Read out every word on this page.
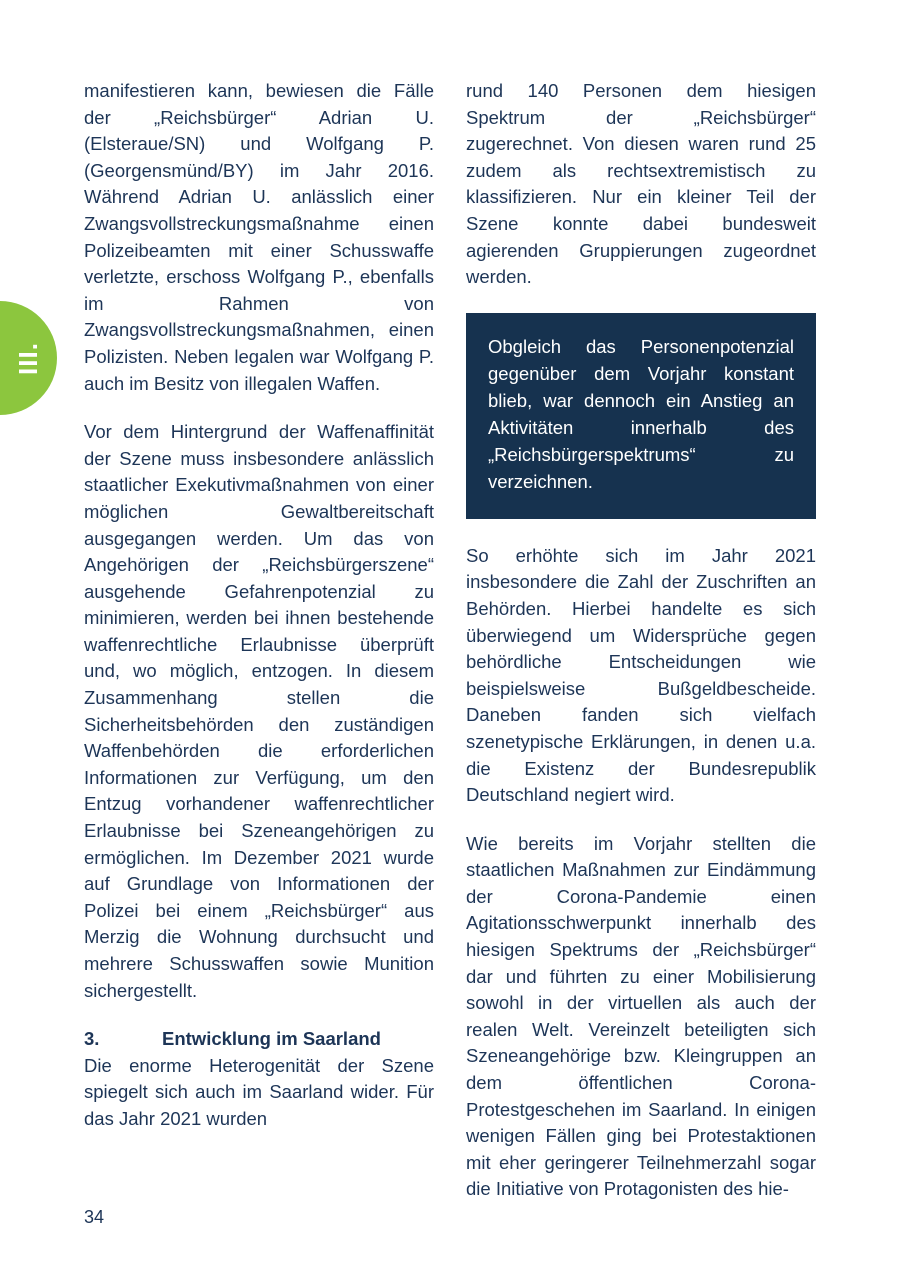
III.

manifestieren kann, bewiesen die Fälle der „Reichsbürger“ Adrian U. (Elsteraue/SN) und Wolfgang P. (Georgensmünd/BY) im Jahr 2016. Während Adrian U. anlässlich einer Zwangsvollstreckungsmaßnahme einen Polizeibeamten mit einer Schusswaffe verletzte, erschoss Wolfgang P., ebenfalls im Rahmen von Zwangsvollstreckungsmaßnahmen, einen Polizisten. Neben legalen war Wolfgang P. auch im Besitz von illegalen Waffen.

Vor dem Hintergrund der Waffenaffinität der Szene muss insbesondere anlässlich staatlicher Exekutivmaßnahmen von einer möglichen Gewaltbereitschaft ausgegangen werden. Um das von Angehörigen der „Reichsbürgerszene“ ausgehende Gefahrenpotenzial zu minimieren, werden bei ihnen bestehende waffenrechtliche Erlaubnisse überprüft und, wo möglich, entzogen. In diesem Zusammenhang stellen die Sicherheitsbehörden den zuständigen Waffenbehörden die erforderlichen Informationen zur Verfügung, um den Entzug vorhandener waffenrechtlicher Erlaubnisse bei Szeneangehörigen zu ermöglichen. Im Dezember 2021 wurde auf Grundlage von Informationen der Polizei bei einem „Reichsbürger“ aus Merzig die Wohnung durchsucht und mehrere Schusswaffen sowie Munition sichergestellt.

3.	Entwicklung im Saarland

Die enorme Heterogenität der Szene spiegelt sich auch im Saarland wider. Für das Jahr 2021 wurden

rund 140 Personen dem hiesigen Spektrum der „Reichsbürger“ zugerechnet. Von diesen waren rund 25 zudem als rechtsextremistisch zu klassifizieren. Nur ein kleiner Teil der Szene konnte dabei bundesweit agierenden Gruppierungen zugeordnet werden.

Obgleich das Personenpotenzial gegenüber dem Vorjahr konstant blieb, war dennoch ein Anstieg an Aktivitäten innerhalb des „Reichsbürgerspektrums“ zu verzeichnen.

So erhöhte sich im Jahr 2021 insbesondere die Zahl der Zuschriften an Behörden. Hierbei handelte es sich überwiegend um Widersprüche gegen behördliche Entscheidungen wie beispielsweise Bußgeldbescheide. Daneben fanden sich vielfach szenetypische Erklärungen, in denen u.a. die Existenz der Bundesrepublik Deutschland negiert wird.

Wie bereits im Vorjahr stellten die staatlichen Maßnahmen zur Eindämmung der Corona-Pandemie einen Agitationsschwerpunkt innerhalb des hiesigen Spektrums der „Reichsbürger“ dar und führten zu einer Mobilisierung sowohl in der virtuellen als auch der realen Welt. Vereinzelt beteiligten sich Szeneangehörige bzw. Kleingruppen an dem öffentlichen Corona-Protestgeschehen im Saarland. In einigen wenigen Fällen ging bei Protestaktionen mit eher geringerer Teilnehmerzahl sogar die Initiative von Protagonisten des hie-

34
